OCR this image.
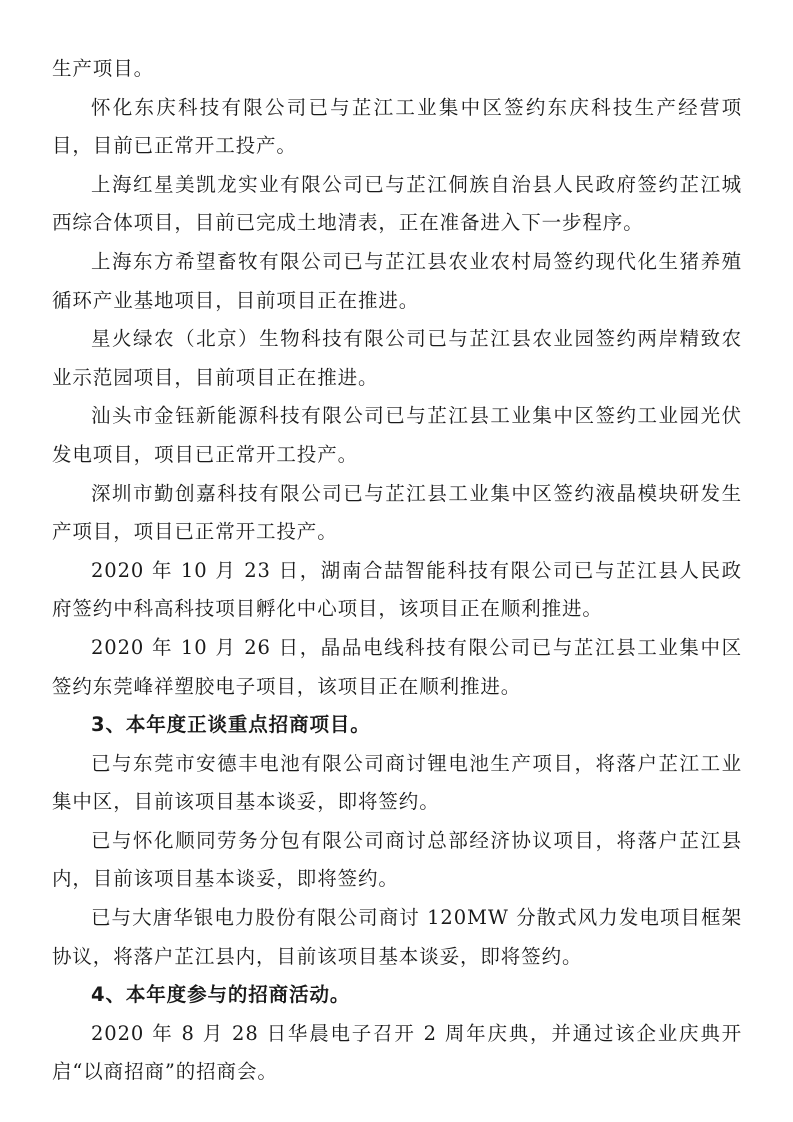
生产项目。

怀化东庆科技有限公司已与芷江工业集中区签约东庆科技生产经营项目，目前已正常开工投产。

上海红星美凯龙实业有限公司已与芷江侗族自治县人民政府签约芷江城西综合体项目，目前已完成土地清表，正在准备进入下一步程序。

上海东方希望畜牧有限公司已与芷江县农业农村局签约现代化生猪养殖循环产业基地项目，目前项目正在推进。

星火绿农（北京）生物科技有限公司已与芷江县农业园签约两岸精致农业示范园项目，目前项目正在推进。

汕头市金钰新能源科技有限公司已与芷江县工业集中区签约工业园光伏发电项目，项目已正常开工投产。

深圳市勤创嘉科技有限公司已与芷江县工业集中区签约液晶模块研发生产项目，项目已正常开工投产。

2020 年 10 月 23 日，湖南合喆智能科技有限公司已与芷江县人民政府签约中科高科技项目孵化中心项目，该项目正在顺利推进。

2020 年 10 月 26 日，晶品电线科技有限公司已与芷江县工业集中区签约东莞峰祥塑胶电子项目，该项目正在顺利推进。

3、本年度正谈重点招商项目。

已与东莞市安德丰电池有限公司商讨锂电池生产项目，将落户芷江工业集中区，目前该项目基本谈妥，即将签约。

已与怀化顺同劳务分包有限公司商讨总部经济协议项目，将落户芷江县内，目前该项目基本谈妥，即将签约。

已与大唐华银电力股份有限公司商讨 120MW 分散式风力发电项目框架协议，将落户芷江县内，目前该项目基本谈妥，即将签约。

4、本年度参与的招商活动。

2020 年 8 月 28 日华晨电子召开 2 周年庆典，并通过该企业庆典开启“以商招商”的招商会。
